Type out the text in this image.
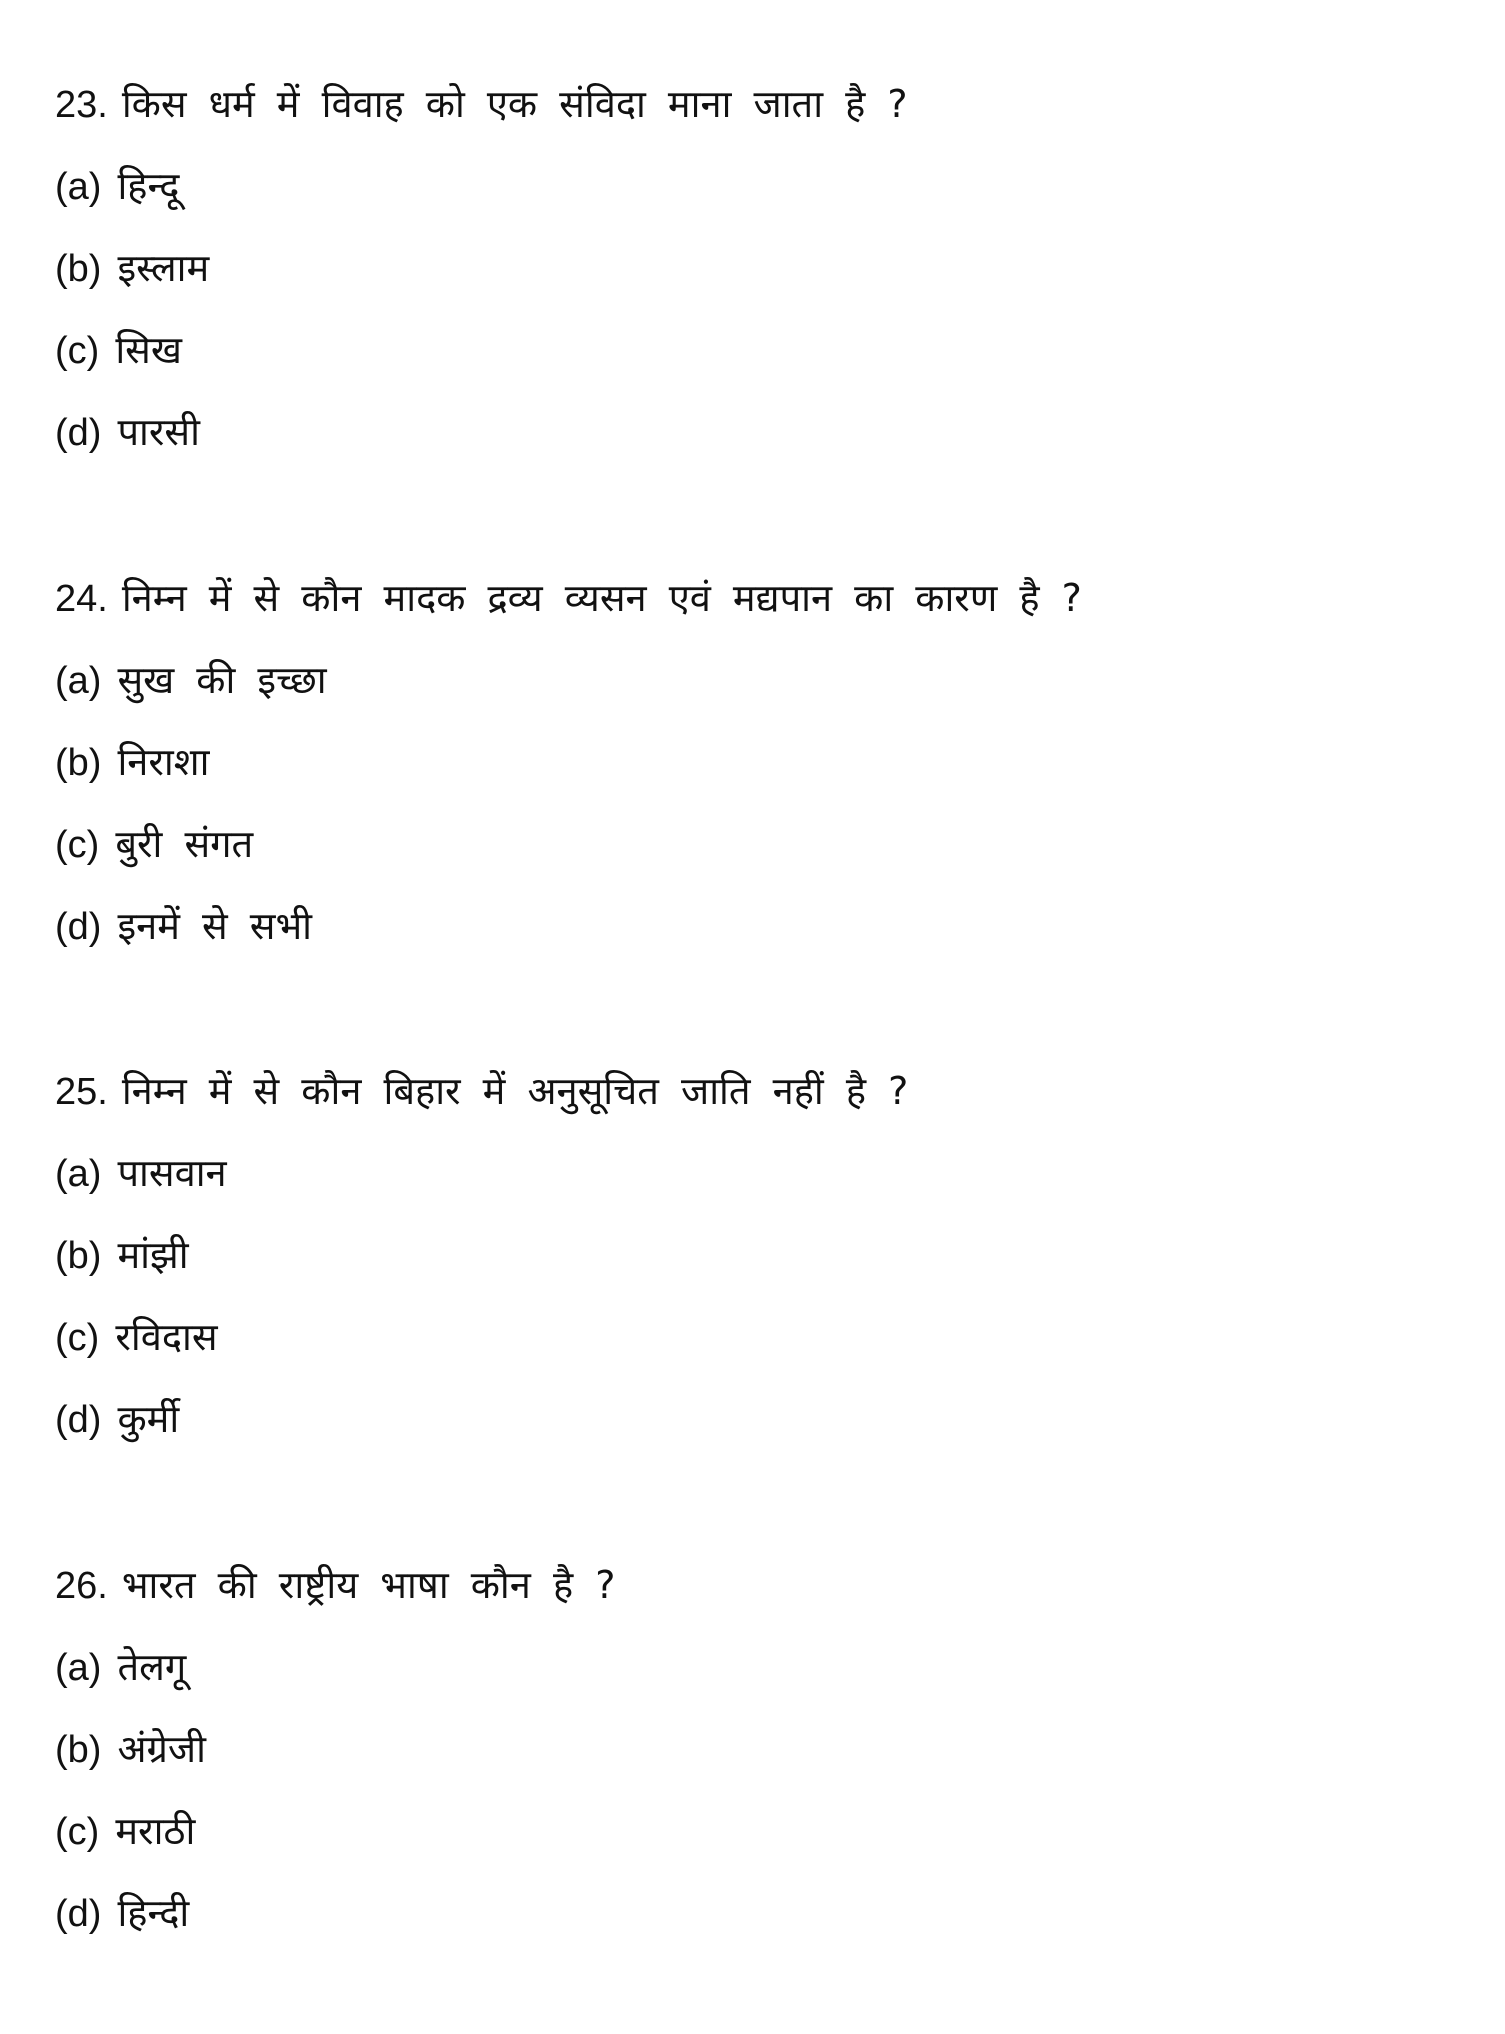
23. किस धर्म में विवाह को एक संविदा माना जाता है ?
(a) हिन्दू
(b) इस्लाम
(c) सिख
(d) पारसी
24. निम्न में से कौन मादक द्रव्य व्यसन एवं मद्यपान का कारण है ?
(a) सुख की इच्छा
(b) निराशा
(c) बुरी संगत
(d) इनमें से सभी
25. निम्न में से कौन बिहार में अनुसूचित जाति नहीं है ?
(a) पासवान
(b) मांझी
(c) रविदास
(d) कुर्मी
26. भारत की राष्ट्रीय भाषा कौन है ?
(a) तेलगू
(b) अंग्रेजी
(c) मराठी
(d) हिन्दी
